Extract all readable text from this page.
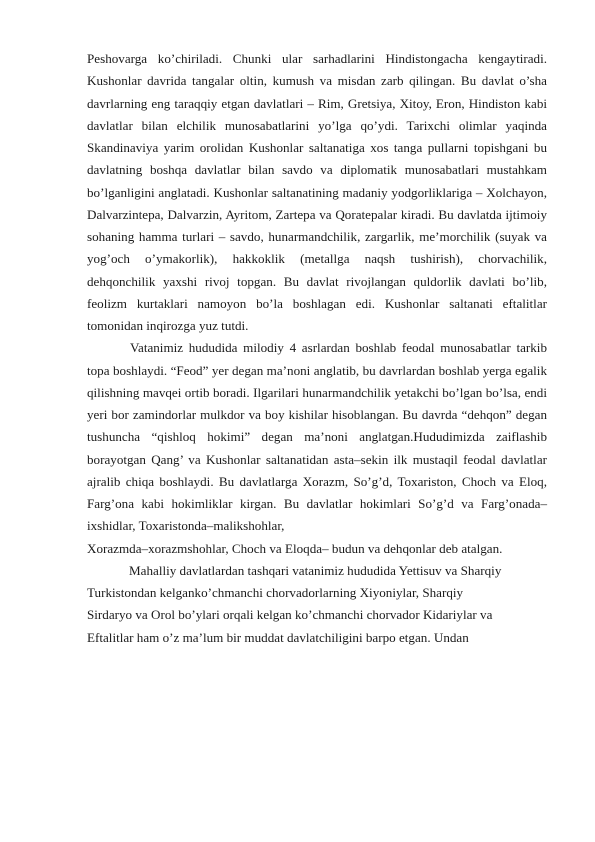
Peshovarga ko’chiriladi. Chunki ular sarhadlarini Hindistongacha kengaytiradi. Kushonlar davrida tangalar oltin, kumush va misdan zarb qilingan. Bu davlat o’sha davrlarning eng taraqqiy etgan davlatlari – Rim, Gretsiya, Xitoy, Eron, Hindiston kabi davlatlar bilan elchilik munosabatlarini yo’lga qo’ydi. Tarixchi olimlar yaqinda Skandinaviya yarim orolidan Kushonlar saltanatiga xos tanga pullarni topishgani bu davlatning boshqa davlatlar bilan savdo va diplomatik munosabatlari mustahkam bo’lganligini anglatadi. Kushonlar saltanatining madaniy yodgorliklariga – Xolchayon, Dalvarzintepa, Dalvarzin, Ayritom, Zartepa va Qoratepalar kiradi. Bu davlatda ijtimoiy sohaning hamma turlari – savdo, hunarmandchilik, zargarlik, me’morchilik (suyak va yog’och o’ymakorlik), hakkoklik (metallga naqsh tushirish), chorvachilik, dehqonchilik yaxshi rivoj topgan. Bu davlat rivojlangan quldorlik davlati bo’lib, feolizm kurtaklari namoyon bo’la boshlagan edi. Kushonlar saltanati eftalitlar tomonidan inqirozga yuz tutdi.

Vatanimiz hududida milodiy 4 asrlardan boshlab feodal munosabatlar tarkib topa boshlaydi. “Feod” yer degan ma’noni anglatib, bu davrlardan boshlab yerga egalik qilishning mavqei ortib boradi. Ilgarilari hunarmandchilik yetakchi bo’lgan bo’lsa, endi yeri bor zamindorlar mulkdor va boy kishilar hisoblangan. Bu davrda “dehqon” degan tushuncha “qishloq hokimi” degan ma’noni anglatgan.Hududimizda zaiflashib borayotgan Qang’ va Kushonlar saltanatidan asta–sekin ilk mustaqil feodal davlatlar ajralib chiqa boshlaydi. Bu davlatlarga Xorazm, So’g’d, Toxariston, Choch va Eloq, Farg’ona kabi hokimliklar kirgan. Bu davlatlar hokimlari So’g’d va Farg’onada– ixshidlar, Toxaristonda–malikshohlar,

Xorazmda–xorazmshohlar, Choch va Eloqda– budun va dehqonlar deb atalgan.

Mahalliy davlatlardan tashqari vatanimiz hududida Yettisuv va Sharqiy

Turkistondan kelganko’chmanchi chorvadorlarning Xiyoniylar, Sharqiy

Sirdaryo va Orol bo’ylari orqali kelgan ko’chmanchi chorvador Kidariylar va

Eftalitlar ham o’z ma’lum bir muddat davlatchiligini barpo etgan. Undan
